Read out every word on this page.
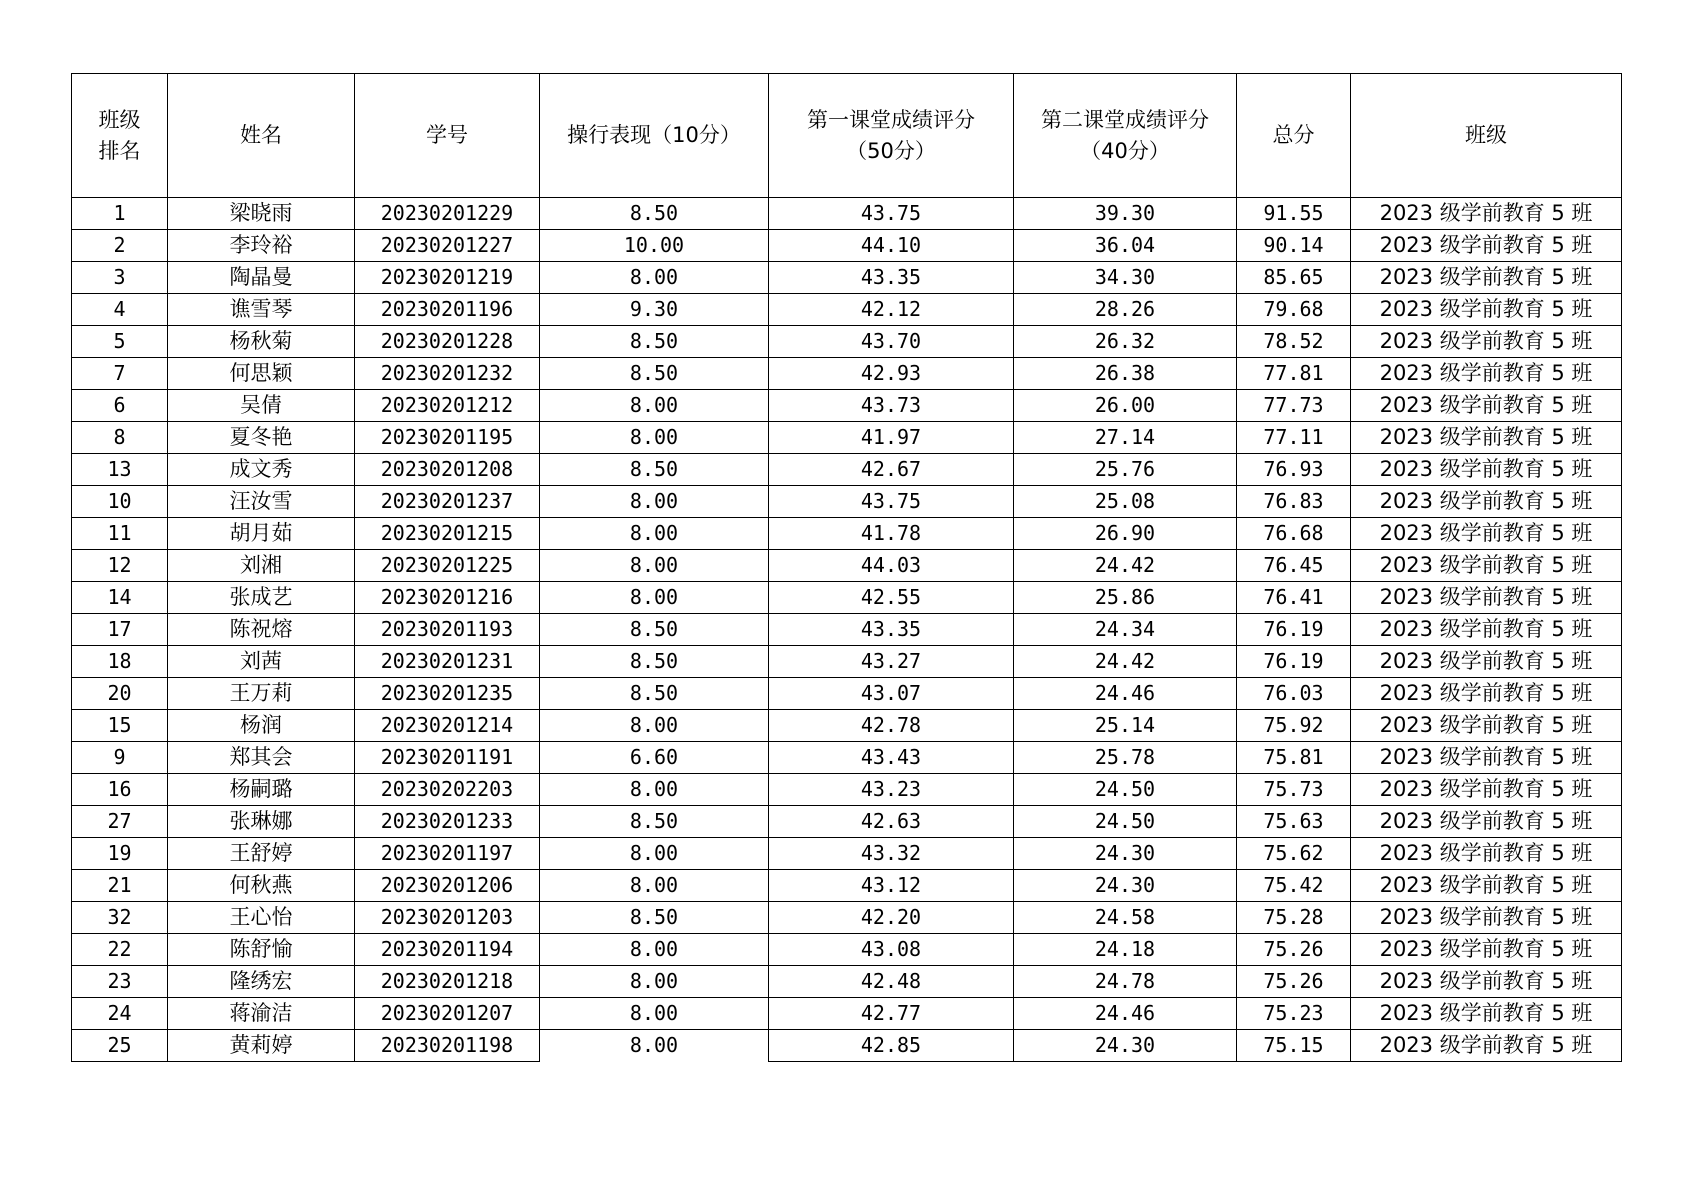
班级排名	姓名	学号	操行表现（10分）	第一课堂成绩评分（50分）	第二课堂成绩评分（40分）	总分	班级
1	梁晓雨	20230201229	8.50	43.75	39.30	91.55	2023 级学前教育 5 班
2	李玲裕	20230201227	10.00	44.10	36.04	90.14	2023 级学前教育 5 班
3	陶晶曼	20230201219	8.00	43.35	34.30	85.65	2023 级学前教育 5 班
4	谯雪琴	20230201196	9.30	42.12	28.26	79.68	2023 级学前教育 5 班
5	杨秋菊	20230201228	8.50	43.70	26.32	78.52	2023 级学前教育 5 班
7	何思颖	20230201232	8.50	42.93	26.38	77.81	2023 级学前教育 5 班
6	吴倩	20230201212	8.00	43.73	26.00	77.73	2023 级学前教育 5 班
8	夏冬艳	20230201195	8.00	41.97	27.14	77.11	2023 级学前教育 5 班
13	成文秀	20230201208	8.50	42.67	25.76	76.93	2023 级学前教育 5 班
10	汪汝雪	20230201237	8.00	43.75	25.08	76.83	2023 级学前教育 5 班
11	胡月茹	20230201215	8.00	41.78	26.90	76.68	2023 级学前教育 5 班
12	刘湘	20230201225	8.00	44.03	24.42	76.45	2023 级学前教育 5 班
14	张成艺	20230201216	8.00	42.55	25.86	76.41	2023 级学前教育 5 班
17	陈祝熔	20230201193	8.50	43.35	24.34	76.19	2023 级学前教育 5 班
18	刘茜	20230201231	8.50	43.27	24.42	76.19	2023 级学前教育 5 班
20	王万莉	20230201235	8.50	43.07	24.46	76.03	2023 级学前教育 5 班
15	杨润	20230201214	8.00	42.78	25.14	75.92	2023 级学前教育 5 班
9	郑其会	20230201191	6.60	43.43	25.78	75.81	2023 级学前教育 5 班
16	杨嗣璐	20230202203	8.00	43.23	24.50	75.73	2023 级学前教育 5 班
27	张琳娜	20230201233	8.50	42.63	24.50	75.63	2023 级学前教育 5 班
19	王舒婷	20230201197	8.00	43.32	24.30	75.62	2023 级学前教育 5 班
21	何秋燕	20230201206	8.00	43.12	24.30	75.42	2023 级学前教育 5 班
32	王心怡	20230201203	8.50	42.20	24.58	75.28	2023 级学前教育 5 班
22	陈舒愉	20230201194	8.00	43.08	24.18	75.26	2023 级学前教育 5 班
23	隆绣宏	20230201218	8.00	42.48	24.78	75.26	2023 级学前教育 5 班
24	蒋渝洁	20230201207	8.00	42.77	24.46	75.23	2023 级学前教育 5 班
25	黄莉婷	20230201198	8.00	42.85	24.30	75.15	2023 级学前教育 5 班
